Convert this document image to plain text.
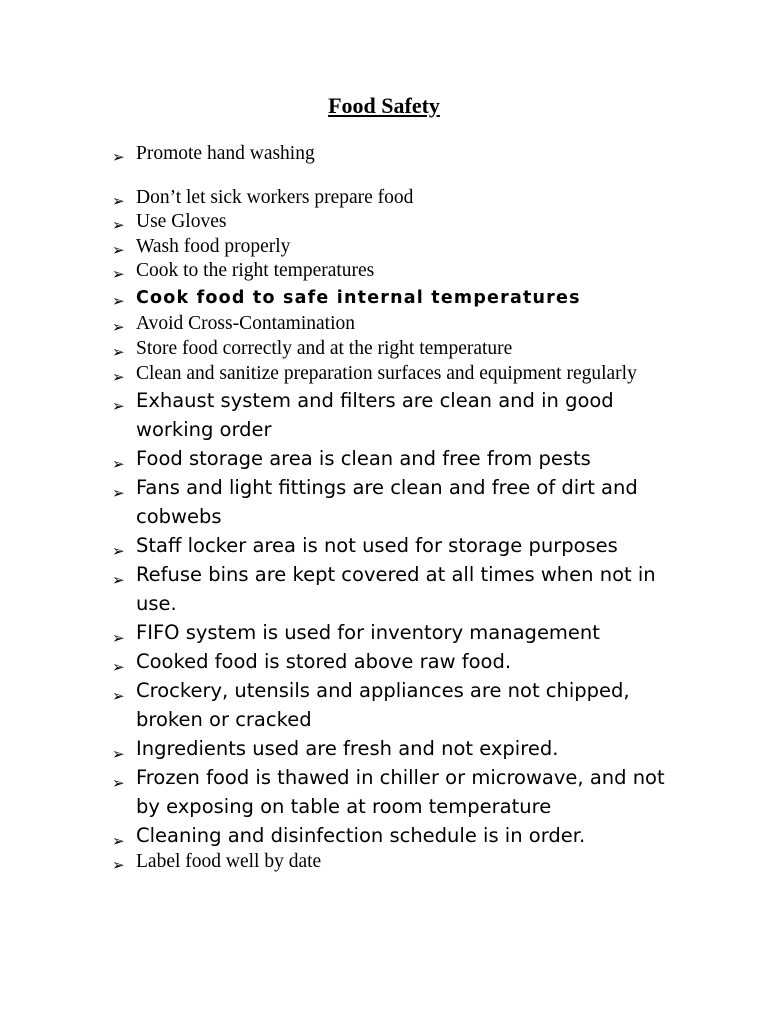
Food Safety
➢ Promote hand washing
➢ Don’t let sick workers prepare food
➢ Use Gloves
➢ Wash food properly
➢ Cook to the right temperatures
➢ Cook food to safe internal temperatures
➢ Avoid Cross-Contamination
➢ Store food correctly and at the right temperature
➢ Clean and sanitize preparation surfaces and equipment regularly
➢ Exhaust system and filters are clean and in good working order
➢ Food storage area is clean and free from pests
➢ Fans and light fittings are clean and free of dirt and cobwebs
➢ Staff locker area is not used for storage purposes
➢ Refuse bins are kept covered at all times when not in use.
➢ FIFO system is used for inventory management
➢ Cooked food is stored above raw food.
➢ Crockery, utensils and appliances are not chipped, broken or cracked
➢ Ingredients used are fresh and not expired.
➢ Frozen food is thawed in chiller or microwave, and not by exposing on table at room temperature
➢ Cleaning and disinfection schedule is in order.
➢ Label food well by date
